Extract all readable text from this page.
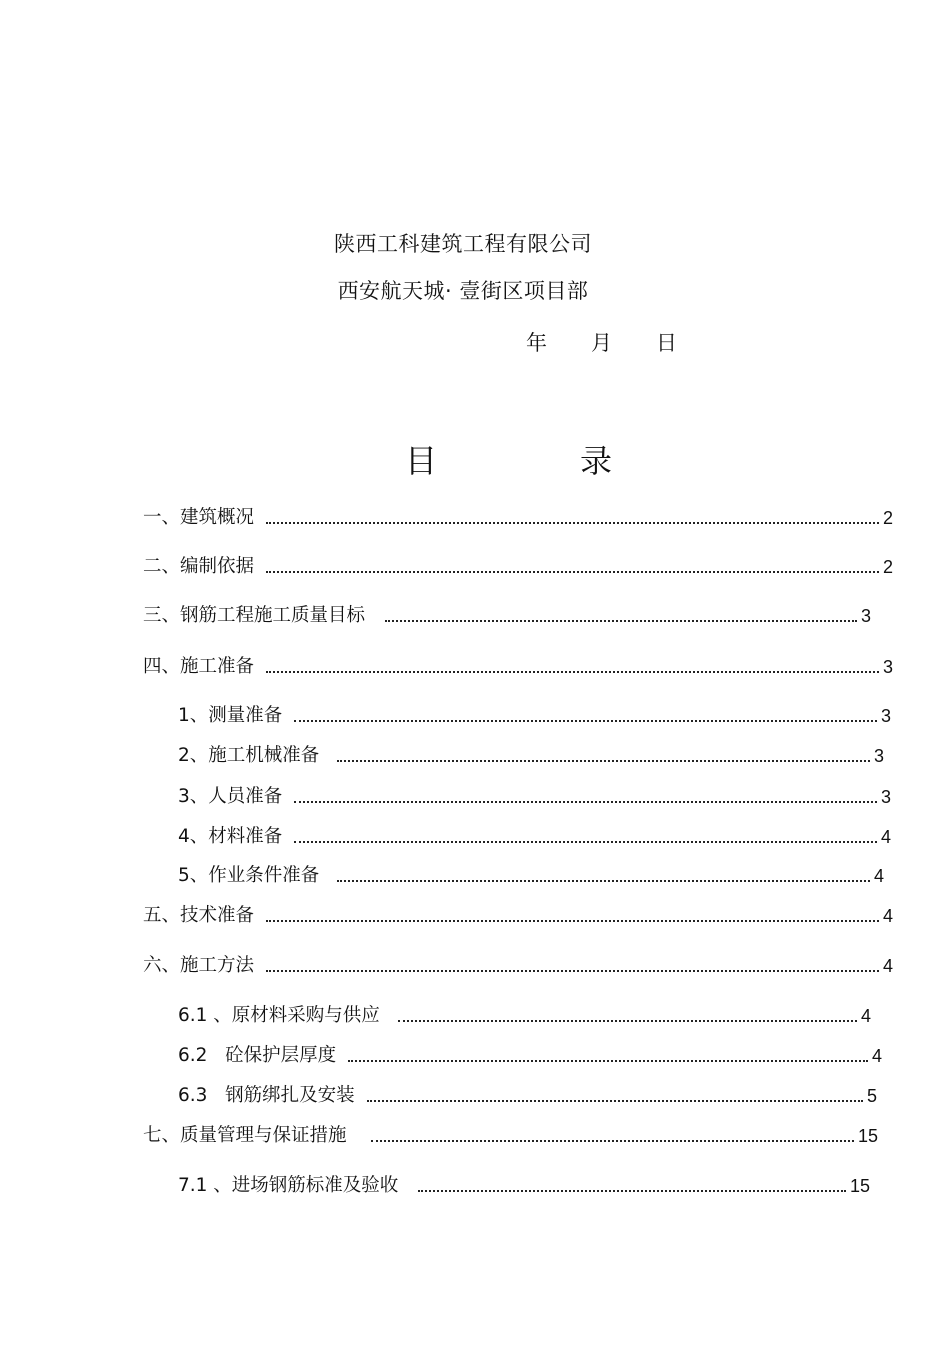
陕西工科建筑工程有限公司
西安航天城· 壹街区项目部
年 月 日
目	录
一、建筑概况	2
二、编制依据	2
三、钢筋工程施工质量目标	3
四、施工准备	3
1、测量准备	3
2、施工机械准备	3
3、人员准备	3
4、材料准备	4
5、作业条件准备	4
五、技术准备	4
六、施工方法	4
6.1 、原材料采购与供应	4
6.2   砼保护层厚度	4
6.3   钢筋绑扎及安装	5
七、质量管理与保证措施	15
7.1 、进场钢筋标准及验收	15
